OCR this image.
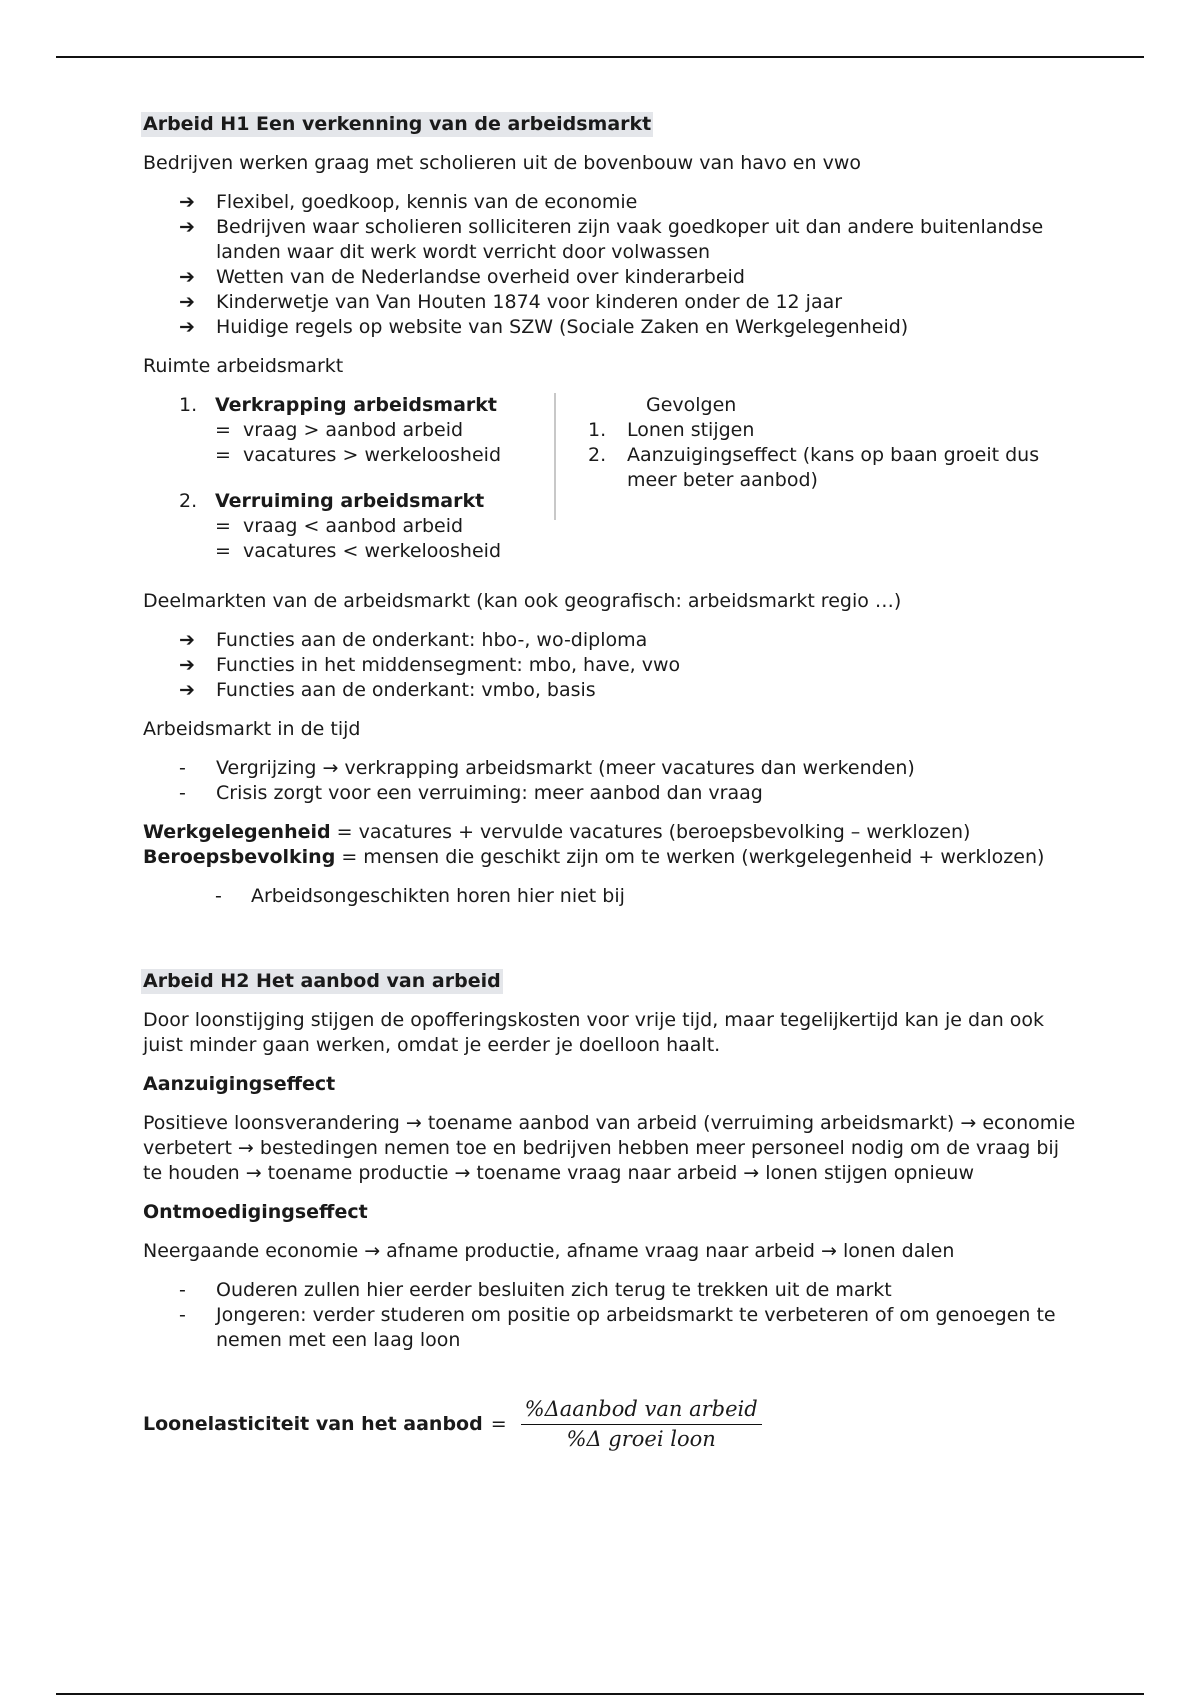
Arbeid H1 Een verkenning van de arbeidsmarkt

Bedrijven werken graag met scholieren uit de bovenbouw van havo en vwo

➔ Flexibel, goedkoop, kennis van de economie
➔ Bedrijven waar scholieren solliciteren zijn vaak goedkoper uit dan andere buitenlandse landen waar dit werk wordt verricht door volwassen
➔ Wetten van de Nederlandse overheid over kinderarbeid
➔ Kinderwetje van Van Houten 1874 voor kinderen onder de 12 jaar
➔ Huidige regels op website van SZW (Sociale Zaken en Werkgelegenheid)

Ruimte arbeidsmarkt

1. Verkrapping arbeidsmarkt
= vraag > aanbod arbeid
= vacatures > werkeloosheid
2. Verruiming arbeidsmarkt
= vraag < aanbod arbeid
= vacatures < werkeloosheid
Gevolgen
1. Lonen stijgen
2. Aanzuigingseffect (kans op baan groeit dus meer beter aanbod)

Deelmarkten van de arbeidsmarkt (kan ook geografisch: arbeidsmarkt regio …)

➔ Functies aan de onderkant: hbo-, wo-diploma
➔ Functies in het middensegment: mbo, have, vwo
➔ Functies aan de onderkant: vmbo, basis

Arbeidsmarkt in de tijd

- Vergrijzing → verkrapping arbeidsmarkt (meer vacatures dan werkenden)
- Crisis zorgt voor een verruiming: meer aanbod dan vraag

Werkgelegenheid = vacatures + vervulde vacatures (beroepsbevolking – werklozen)

Beroepsbevolking = mensen die geschikt zijn om te werken (werkgelegenheid + werklozen)

- Arbeidsongeschikten horen hier niet bij
Arbeid H2 Het aanbod van arbeid

Door loonstijging stijgen de opofferingskosten voor vrije tijd, maar tegelijkertijd kan je dan ook juist minder gaan werken, omdat je eerder je doelloon haalt.

Aanzuigingseffect

Positieve loonsverandering → toename aanbod van arbeid (verruiming arbeidsmarkt) → economie verbetert → bestedingen nemen toe en bedrijven hebben meer personeel nodig om de vraag bij te houden → toename productie → toename vraag naar arbeid → lonen stijgen opnieuw

Ontmoedigingseffect

Neergaande economie → afname productie, afname vraag naar arbeid → lonen dalen

- Ouderen zullen hier eerder besluiten zich terug te trekken uit de markt
- Jongeren: verder studeren om positie op arbeidsmarkt te verbeteren of om genoegen te nemen met een laag loon
Loonelasticiteit van het aanbod = $\frac{\text{\%Δaanbod van arbeid}}{\text{\%Δ groei loon}}$
